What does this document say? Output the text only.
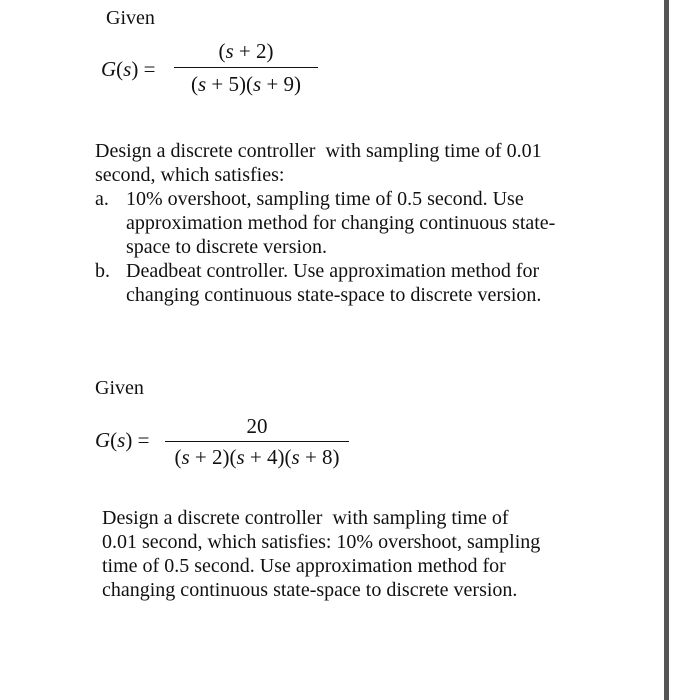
Given
G(s) =
(s + 2)
(s + 5)(s + 9)
Design a discrete controller  with sampling time of 0.01
second, which satisfies:
a. 10% overshoot, sampling time of 0.5 second. Use
approximation method for changing continuous state-
space to discrete version.
b. Deadbeat controller. Use approximation method for
changing continuous state-space to discrete version.
Given
G(s) =
20
(s + 2)(s + 4)(s + 8)
Design a discrete controller  with sampling time of
0.01 second, which satisfies: 10% overshoot, sampling
time of 0.5 second. Use approximation method for
changing continuous state-space to discrete version.
